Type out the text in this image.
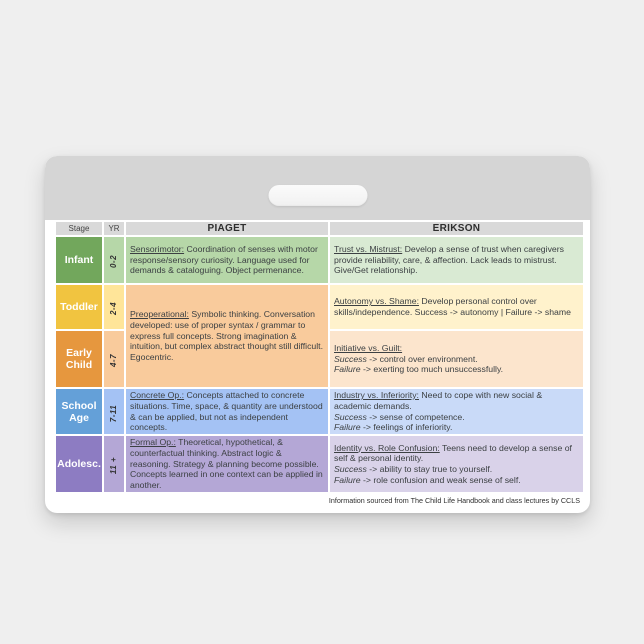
Stage	YR	PIAGET	ERIKSON
Infant	0-2	Sensorimotor: Coordination of senses with motor response/sensory curiosity. Language used for demands & cataloguing. Object permenance.	Trust vs. Mistrust: Develop a sense of trust when caregivers provide reliability, care, & affection. Lack leads to mistrust. Give/Get relationship.
Toddler	2-4	Preoperational: Symbolic thinking. Conversation developed: use of proper syntax / grammar to express full concepts. Strong imagination & intuition, but complex abstract thought still difficult. Egocentric.	Autonomy vs. Shame: Develop personal control over skills/independence. Success -> autonomy | Failure -> shame
Early Child	4-7		Initiative vs. Guilt:
Success -> control over environment.
Failure -> exerting too much unsuccessfully.
School Age	7-11	Concrete Op.: Concepts attached to concrete situations. Time, space, & quantity are understood & can be applied, but not as independent concepts.	Industry vs. Inferiority: Need to cope with new social & academic demands.
Success -> sense of competence.
Failure -> feelings of inferiority.
Adolesc.	11 +	Formal Op.: Theoretical, hypothetical, & counterfactual thinking. Abstract logic & reasoning. Strategy & planning become possible. Concepts learned in one context can be applied in another.	Identity vs. Role Confusion: Teens need to develop a sense of self & personal identity.
Success -> ability to stay true to yourself.
Failure -> role confusion and weak sense of self.
Information sourced from The Child Life Handbook and class lectures by CCLS
